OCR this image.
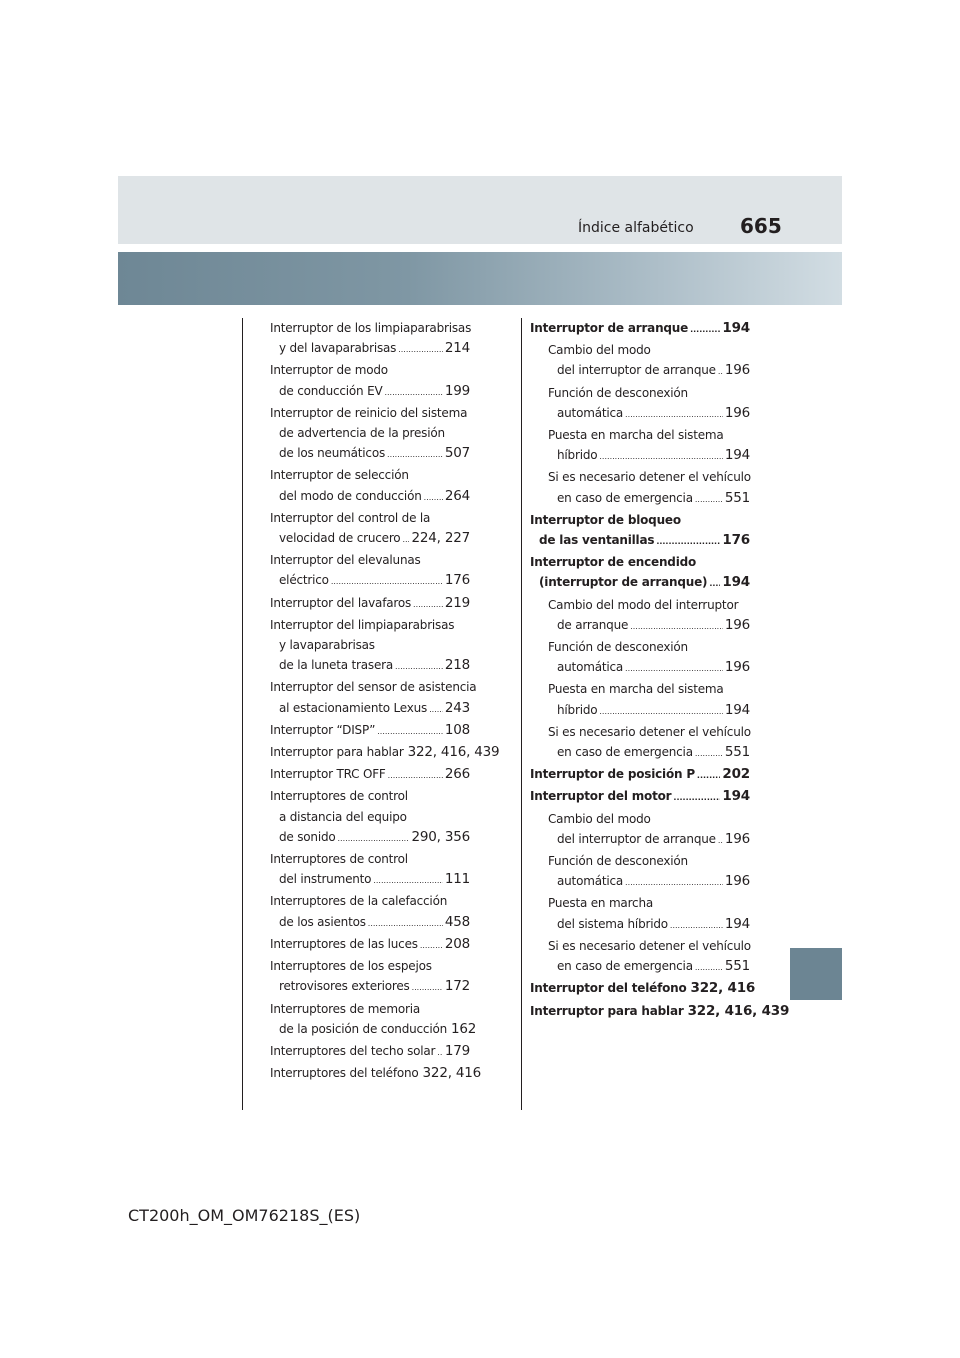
Índice alfabético 665
Interruptor de los limpiaparabrisas
y del lavaparabrisas .....	214
Interruptor de modo
de conducción EV .....	199
Interruptor de reinicio del sistema
de advertencia de la presión
de los neumáticos .....	507
Interruptor de selección
del modo de conducción ..... 264
Interruptor del control de la
velocidad de crucero ..... 224, 227
Interruptor del elevalunas
eléctrico .....	176
Interruptor del lavafaros .....	219
Interruptor del limpiaparabrisas
y lavaparabrisas
de la luneta trasera .....	218
Interruptor del sensor de asistencia
al estacionamiento Lexus ..... 243
Interruptor “DISP” .....	108
Interruptor para hablar 322, 416, 439
Interruptor TRC OFF .....	266
Interruptores de control
a distancia del equipo
de sonido .....	290, 356
Interruptores de control
del instrumento .....	111
Interruptores de la calefacción
de los asientos .....	458
Interruptores de las luces ..... 208
Interruptores de los espejos
retrovisores exteriores .....	172
Interruptores de memoria
de la posición de conducción 162
Interruptores del techo solar ..... 179
Interruptores del teléfono 322, 416
Interruptor de arranque .....	194
Cambio del modo
del interruptor de arranque ..... 196
Función de desconexión
automática .....	196
Puesta en marcha del sistema
híbrido .....	194
Si es necesario detener el vehículo
en caso de emergencia ..... 551
Interruptor de bloqueo
de las ventanillas .....	176
Interruptor de encendido
(interruptor de arranque) ..... 194
Cambio del modo del interruptor
de arranque .....	196
Función de desconexión
automática .....	196
Puesta en marcha del sistema
híbrido .....	194
Si es necesario detener el vehículo
en caso de emergencia ..... 551
Interruptor de posición P ..... 202
Interruptor del motor .....	194
Cambio del modo
del interruptor de arranque ..... 196
Función de desconexión
automática .....	196
Puesta en marcha
del sistema híbrido .....	194
Si es necesario detener el vehículo
en caso de emergencia ..... 551
Interruptor del teléfono 322, 416
Interruptor para hablar 322, 416, 439
CT200h_OM_OM76218S_(ES)
